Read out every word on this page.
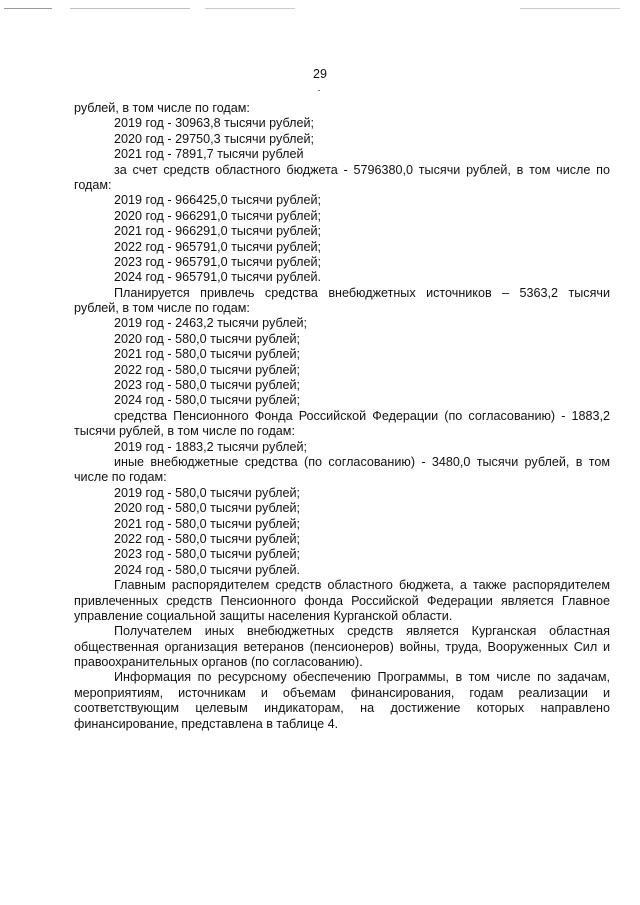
29
рублей, в том числе по годам:
2019 год - 30963,8 тысячи рублей;
2020 год - 29750,3 тысячи рублей;
2021 год - 7891,7 тысячи рублей
за счет средств областного бюджета - 5796380,0 тысячи рублей, в том числе по
годам:
2019 год - 966425,0 тысячи рублей;
2020 год - 966291,0 тысячи рублей;
2021 год - 966291,0 тысячи рублей;
2022 год - 965791,0 тысячи рублей;
2023 год - 965791,0 тысячи рублей;
2024 год - 965791,0 тысячи рублей.
Планируется привлечь средства внебюджетных источников – 5363,2 тысячи
рублей, в том числе по годам:
2019 год - 2463,2 тысячи рублей;
2020 год - 580,0 тысячи рублей;
2021 год - 580,0 тысячи рублей;
2022 год - 580,0 тысячи рублей;
2023 год - 580,0 тысячи рублей;
2024 год - 580,0 тысячи рублей;
средства Пенсионного Фонда Российской Федерации (по согласованию) - 1883,2
тысячи рублей, в том числе по годам:
2019 год - 1883,2 тысячи рублей;
иные внебюджетные средства (по согласованию) - 3480,0 тысячи рублей, в том
числе по годам:
2019 год - 580,0 тысячи рублей;
2020 год - 580,0 тысячи рублей;
2021 год - 580,0 тысячи рублей;
2022 год - 580,0 тысячи рублей;
2023 год - 580,0 тысячи рублей;
2024 год - 580,0 тысячи рублей.
Главным распорядителем средств областного бюджета, а также распорядителем
привлеченных средств Пенсионного фонда Российской Федерации является Главное
управление социальной защиты населения Курганской области.
Получателем иных внебюджетных средств является Курганская областная
общественная организация ветеранов (пенсионеров) войны, труда, Вооруженных Сил и
правоохранительных органов (по согласованию).
Информация по ресурсному обеспечению Программы, в том числе по задачам,
мероприятиям, источникам и объемам финансирования, годам реализации и
соответствующим целевым индикаторам, на достижение которых направлено
финансирование, представлена в таблице 4.
